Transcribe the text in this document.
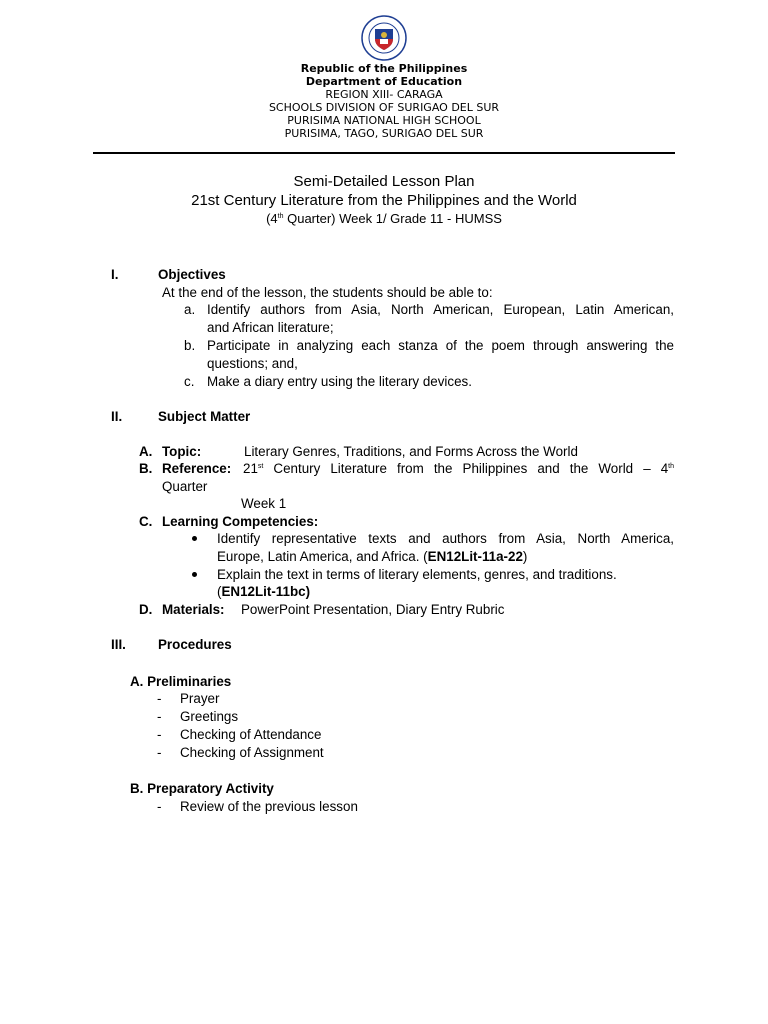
Republic of the Philippines
Department of Education
REGION XIII- CARAGA
SCHOOLS DIVISION OF SURIGAO DEL SUR
PURISIMA NATIONAL HIGH SCHOOL
PURISIMA, TAGO, SURIGAO DEL SUR
Semi-Detailed Lesson Plan
21st Century Literature from the Philippines and the World
(4th Quarter) Week 1/ Grade 11 - HUMSS
I.	Objectives
At the end of the lesson, the students should be able to:
a. Identify authors from Asia, North American, European, Latin American,
and African literature;
b. Participate in analyzing each stanza of the poem through answering the
questions; and,
c. Make a diary entry using the literary devices.
II.	Subject Matter
A. Topic:	Literary Genres, Traditions, and Forms Across the World
B. Reference: 21st Century Literature from the Philippines and the World – 4th
Quarter
Week 1
C. Learning Competencies:
Identify representative texts and authors from Asia, North America,
Europe, Latin America, and Africa. (EN12Lit-11a-22)
Explain the text in terms of literary elements, genres, and traditions.
(EN12Lit-11bc)
D. Materials: PowerPoint Presentation, Diary Entry Rubric
III. Procedures
A. Preliminaries
- Prayer
- Greetings
- Checking of Attendance
- Checking of Assignment
B. Preparatory Activity
- Review of the previous lesson
